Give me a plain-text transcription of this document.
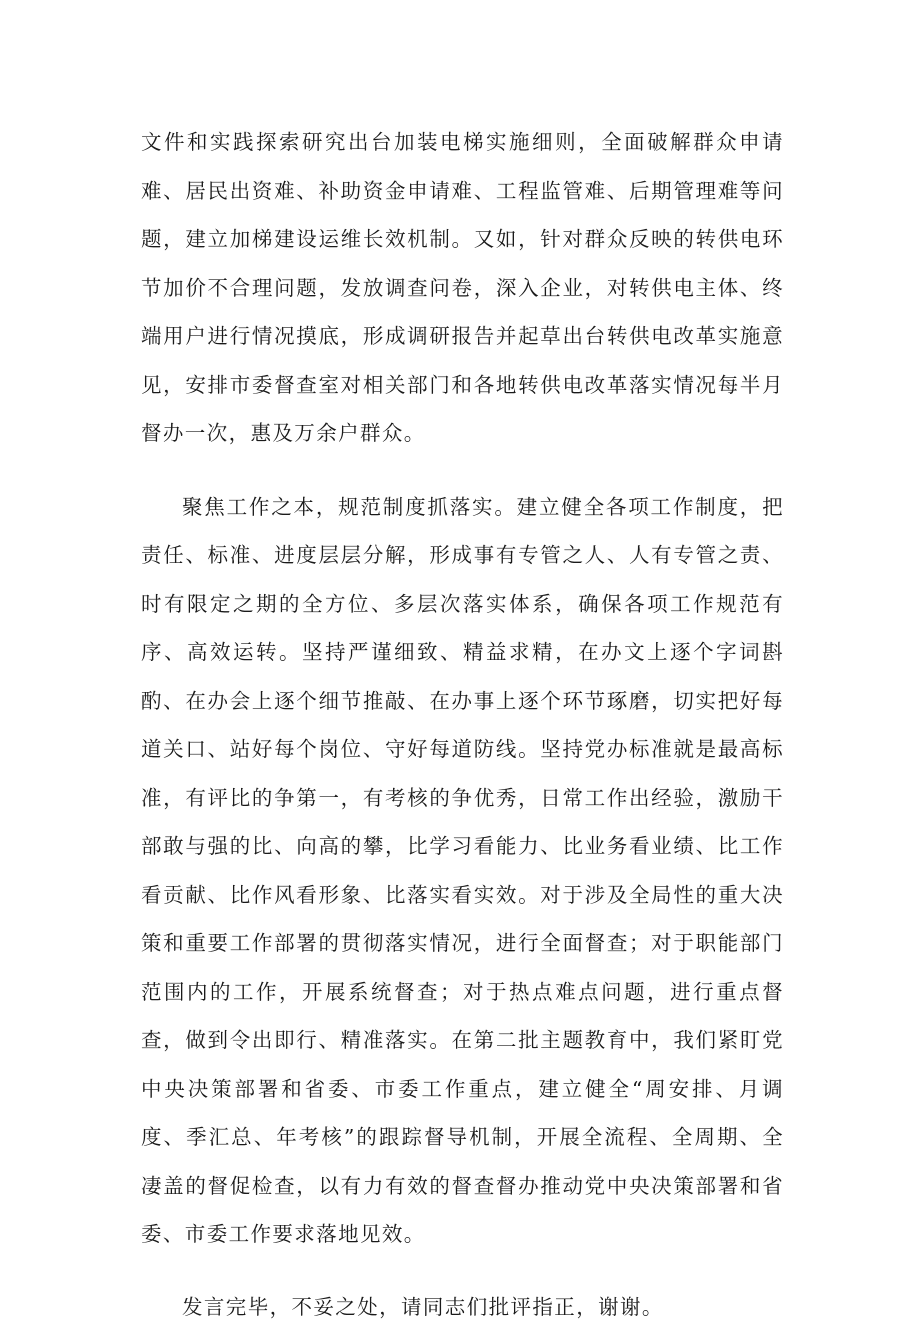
文件和实践探索研究出台加装电梯实施细则，全面破解群众申请难、居民出资难、补助资金申请难、工程监管难、后期管理难等问题，建立加梯建设运维长效机制。又如，针对群众反映的转供电环节加价不合理问题，发放调查问卷，深入企业，对转供电主体、终端用户进行情况摸底，形成调研报告并起草出台转供电改革实施意见，安排市委督查室对相关部门和各地转供电改革落实情况每半月督办一次，惠及万余户群众。

聚焦工作之本，规范制度抓落实。建立健全各项工作制度，把责任、标准、进度层层分解，形成事有专管之人、人有专管之责、时有限定之期的全方位、多层次落实体系，确保各项工作规范有序、高效运转。坚持严谨细致、精益求精，在办文上逐个字词斟酌、在办会上逐个细节推敲、在办事上逐个环节琢磨，切实把好每道关口、站好每个岗位、守好每道防线。坚持党办标准就是最高标准，有评比的争第一，有考核的争优秀，日常工作出经验，激励干部敢与强的比、向高的攀，比学习看能力、比业务看业绩、比工作看贡献、比作风看形象、比落实看实效。对于涉及全局性的重大决策和重要工作部署的贯彻落实情况，进行全面督查；对于职能部门范围内的工作，开展系统督查；对于热点难点问题，进行重点督查，做到令出即行、精准落实。在第二批主题教育中，我们紧盯党中央决策部署和省委、市委工作重点，建立健全“周安排、月调度、季汇总、年考核”的跟踪督导机制，开展全流程、全周期、全凄盖的督促检查，以有力有效的督查督办推动党中央决策部署和省委、市委工作要求落地见效。

发言完毕，不妥之处，请同志们批评指正，谢谢。
